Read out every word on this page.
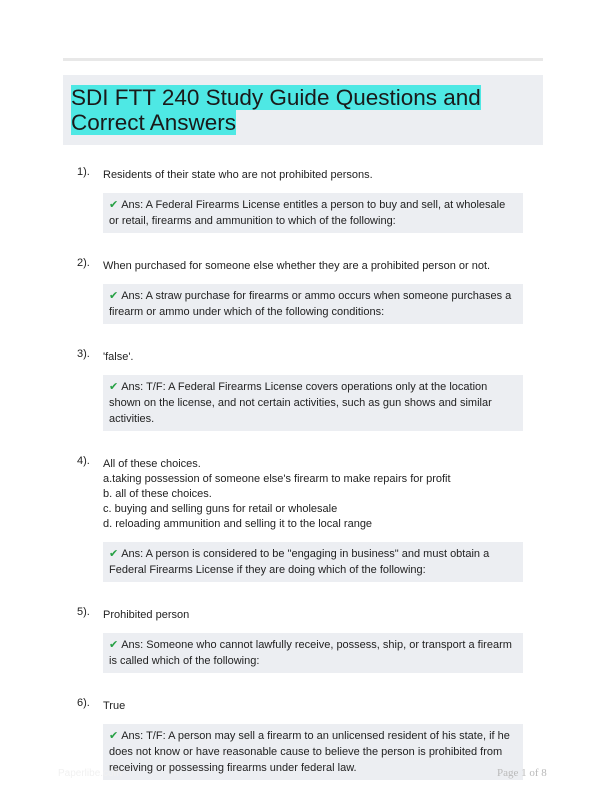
SDI FTT 240 Study Guide Questions and Correct Answers
1). Residents of their state who are not prohibited persons.
✔ Ans: A Federal Firearms License entitles a person to buy and sell, at wholesale or retail, firearms and ammunition to which of the following:
2). When purchased for someone else whether they are a prohibited person or not.
✔ Ans: A straw purchase for firearms or ammo occurs when someone purchases a firearm or ammo under which of the following conditions:
3). 'false'.
✔ Ans: T/F: A Federal Firearms License covers operations only at the location shown on the license, and not certain activities, such as gun shows and similar activities.
4). All of these choices.
a.taking possession of someone else's firearm to make repairs for profit
b. all of these choices.
c. buying and selling guns for retail or wholesale
d. reloading ammunition and selling it to the local range
✔ Ans: A person is considered to be "engaging in business" and must obtain a Federal Firearms License if they are doing which of the following:
5). Prohibited person
✔ Ans: Someone who cannot lawfully receive, possess, ship, or transport a firearm is called which of the following:
6). True
✔ Ans: T/F: A person may sell a firearm to an unlicensed resident of his state, if he does not know or have reasonable cause to believe the person is prohibited from receiving or possessing firearms under federal law.
Paperlibe.com	Page 1 of 8
